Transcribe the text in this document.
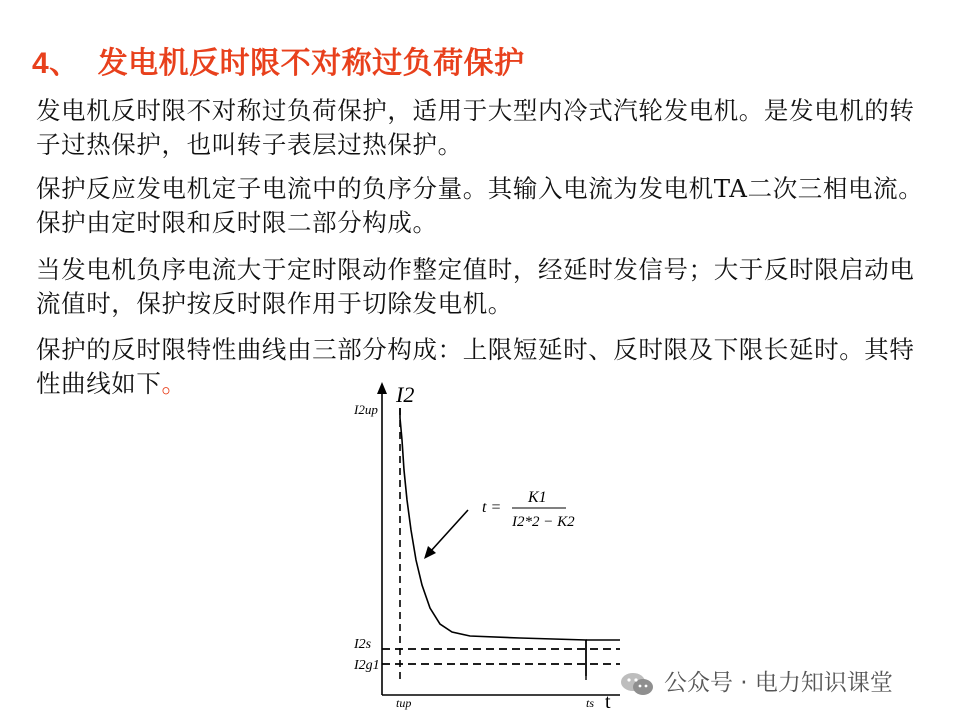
4、 发电机反时限不对称过负荷保护
发电机反时限不对称过负荷保护，适用于大型内冷式汽轮发电机。是发电机的转子过热保护，也叫转子表层过热保护。
保护反应发电机定子电流中的负序分量。其输入电流为发电机TA二次三相电流。保护由定时限和反时限二部分构成。
当发电机负序电流大于定时限动作整定值时，经延时发信号；大于反时限启动电流值时，保护按反时限作用于切除发电机。
保护的反时限特性曲线由三部分构成：上限短延时、反时限及下限长延时。其特性曲线如下。	I2
t
I2up
I2s
I2g1
tup	ts
t =
K1
I2*2 − K2
公众号 · 电力知识课堂
